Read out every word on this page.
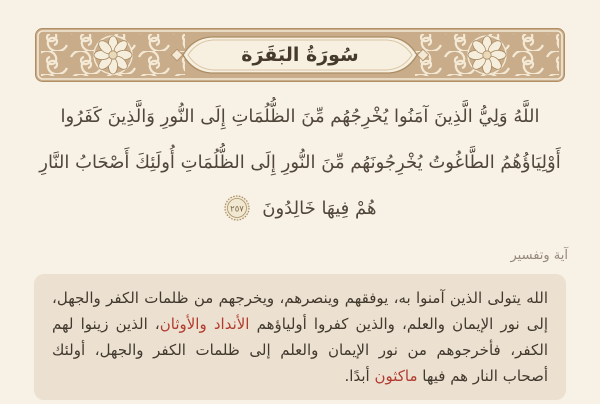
سُورَةُ البَقَرَة
اللَّهُ وَلِيُّ الَّذِينَ آمَنُوا يُخْرِجُهُم مِّنَ الظُّلُمَاتِ إِلَى النُّورِ وَالَّذِينَ كَفَرُوا
أَوْلِيَاؤُهُمُ الطَّاغُوتُ يُخْرِجُونَهُم مِّنَ النُّورِ إِلَى الظُّلُمَاتِ أُولَئِكَ أَصْحَابُ النَّارِ
هُمْ فِيهَا خَالِدُونَ
٢٥٧
آية وتفسير
الله يتولى الذين آمنوا به، يوفقهم وينصرهم، ويخرجهم من ظلمات الكفر والجهل، إلى نور الإيمان والعلم، والذين كفروا أولياؤهم الأنداد والأوثان، الذين زينوا لهم الكفر، فأخرجوهم من نور الإيمان والعلم إلى ظلمات الكفر والجهل، أولئك أصحاب النار هم فيها ماكثون أبدًا.
